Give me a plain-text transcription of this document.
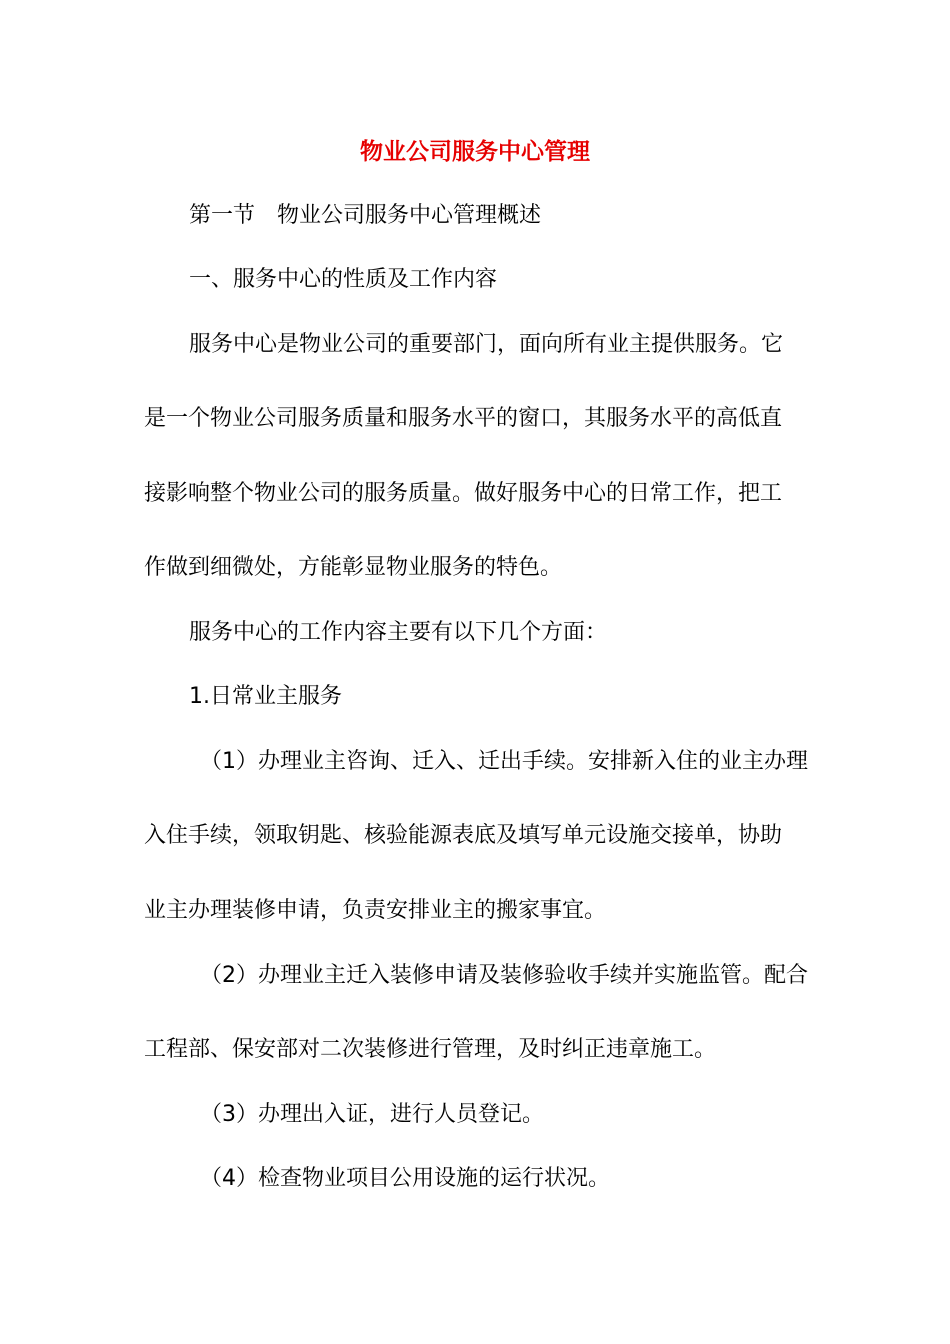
物业公司服务中心管理
第一节　物业公司服务中心管理概述
一、服务中心的性质及工作内容
服务中心是物业公司的重要部门，面向所有业主提供服务。它
是一个物业公司服务质量和服务水平的窗口，其服务水平的高低直
接影响整个物业公司的服务质量。做好服务中心的日常工作，把工
作做到细微处，方能彰显物业服务的特色。
服务中心的工作内容主要有以下几个方面：
1.日常业主服务
（1）办理业主咨询、迁入、迁出手续。安排新入住的业主办理
入住手续，领取钥匙、核验能源表底及填写单元设施交接单，协助
业主办理装修申请，负责安排业主的搬家事宜。
（2）办理业主迁入装修申请及装修验收手续并实施监管。配合
工程部、保安部对二次装修进行管理，及时纠正违章施工。
（3）办理出入证，进行人员登记。
（4）检查物业项目公用设施的运行状况。
